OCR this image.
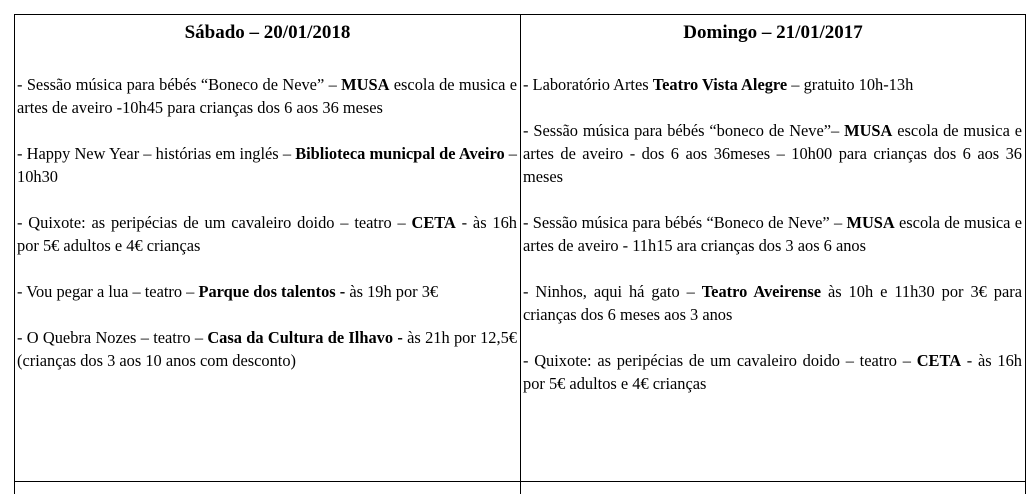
Sábado – 20/01/2018
- Sessão música para bébés “Boneco de Neve” – MUSA escola de musica e artes de aveiro -10h45 para crianças dos 6 aos 36 meses
- Happy New Year – histórias em inglés – Biblioteca municpal de Aveiro – 10h30
- Quixote: as peripécias de um cavaleiro doido – teatro – CETA - às 16h por 5€ adultos e 4€ crianças
- Vou pegar a lua – teatro – Parque dos talentos - às 19h por 3€
- O Quebra Nozes – teatro – Casa da Cultura de Ilhavo - às 21h por 12,5€ (crianças dos 3 aos 10 anos com desconto)
Domingo – 21/01/2017
- Laboratório Artes Teatro Vista Alegre – gratuito 10h-13h
- Sessão música para bébés “boneco de Neve”– MUSA escola de musica e artes de aveiro - dos 6 aos 36meses – 10h00 para crianças dos 6 aos 36 meses
- Sessão música para bébés “Boneco de Neve” – MUSA escola de musica e artes de aveiro - 11h15 ara crianças dos 3 aos 6 anos
- Ninhos, aqui há gato – Teatro Aveirense às 10h e 11h30 por 3€ para crianças dos 6 meses aos 3 anos
- Quixote: as peripécias de um cavaleiro doido – teatro – CETA - às 16h por 5€ adultos e 4€ crianças
